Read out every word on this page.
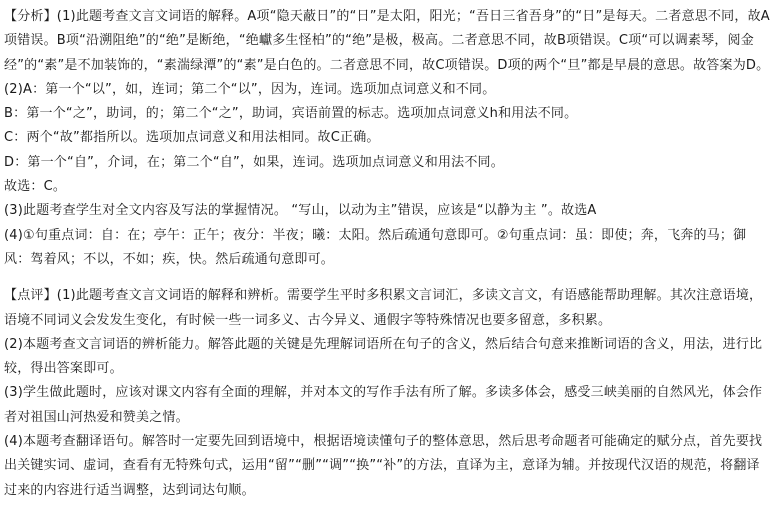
【分析】(1)此题考查文言文词语的解释。A项“隐天蔽日”的“日”是太阳，阳光；“吾日三省吾身”的“日”是每天。二者意思不同，故A项错误。B项“沿溯阻绝”的“绝”是断绝，“绝巘多生怪柏”的“绝”是极，极高。二者意思不同，故B项错误。C项“可以调素琴，阅金经”的“素”是不加装饰的，“素湍绿潭”的“素”是白色的。二者意思不同，故C项错误。D项的两个“旦”都是早晨的意思。故答案为D。

(2)A：第一个“以”，如，连词；第二个“以”，因为，连词。选项加点词意义和不同。

B：第一个“之”，助词，的；第二个“之”，助词，宾语前置的标志。选项加点词意义h和用法不同。

C：两个“故”都指所以。选项加点词意义和用法相同。故C正确。

D：第一个“自”，介词，在；第二个“自”，如果，连词。选项加点词意义和用法不同。

故选：C。

(3)此题考查学生对全文内容及写法的掌握情况。 “写山，以动为主”错误，应该是“以静为主 ”。故选A

(4)①句重点词：自：在；亭午：正午；夜分：半夜；曦：太阳。然后疏通句意即可。②句重点词：虽：即使；奔，飞奔的马；御风：驾着风；不以，不如；疾，快。然后疏通句意即可。

【点评】(1)此题考查文言文词语的解释和辨析。需要学生平时多积累文言词汇，多读文言文，有语感能帮助理解。其次注意语境，语境不同词义会发发生变化，有时候一些一词多义、古今异义、通假字等特殊情况也要多留意，多积累。

(2)本题考查文言词语的辨析能力。解答此题的关键是先理解词语所在句子的含义，然后结合句意来推断词语的含义，用法，进行比较，得出答案即可。

(3)学生做此题时，应该对课文内容有全面的理解，并对本文的写作手法有所了解。多读多体会，感受三峡美丽的自然风光，体会作者对祖国山河热爱和赞美之情。

(4)本题考查翻译语句。解答时一定要先回到语境中，根据语境读懂句子的整体意思，然后思考命题者可能确定的赋分点，首先要找出关键实词、虚词，查看有无特殊句式，运用“留”“删”“调”“换”“补”的方法，直译为主，意译为辅。并按现代汉语的规范，将翻译过来的内容进行适当调整，达到词达句顺。
